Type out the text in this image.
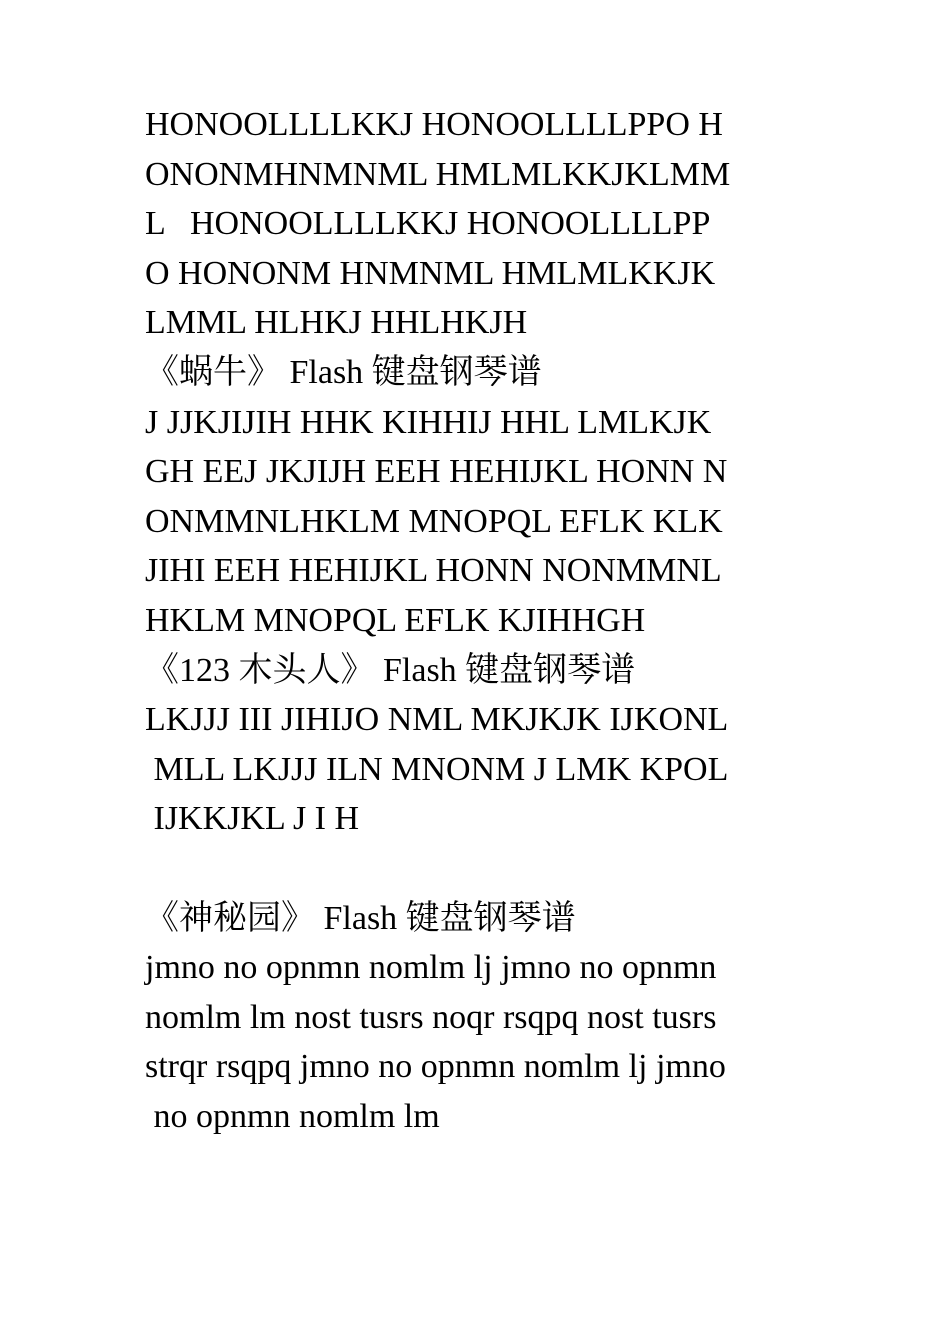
HONOOLLLLKKJ HONOOLLLLPPO H
ONONMHNMNML HMLMLKKJKLMM
L   HONOOLLLLKKJ HONOOLLLLPP
O HONONM HNMNML HMLMLKKJK
LMML HLHKJ HHLHKJH
《蜗牛》 Flash 键盘钢琴谱
J JJKJIJIH HHK KIHHIJ HHL LMLKJK
GH EEJ JKJIJH EEH HEHIJKL HONN N
ONMMNLHKLM MNOPQL EFLK KLK
JIHI EEH HEHIJKL HONN NONMMNL
HKLM MNOPQL EFLK KJIHHGH
《123 木头人》 Flash 键盘钢琴谱
LKJJJ III JIHIJO NML MKJKJK IJKONL
MLL LKJJJ ILN MNONM J LMK KPOL
IJKKJKL J I H
《神秘园》 Flash 键盘钢琴谱
jmno no opnmn nomlm lj jmno no opnmn
nomlm lm nost tusrs noqr rsqpq nost tusrs
strqr rsqpq jmno no opnmn nomlm lj jmno
no opnmn nomlm lm
